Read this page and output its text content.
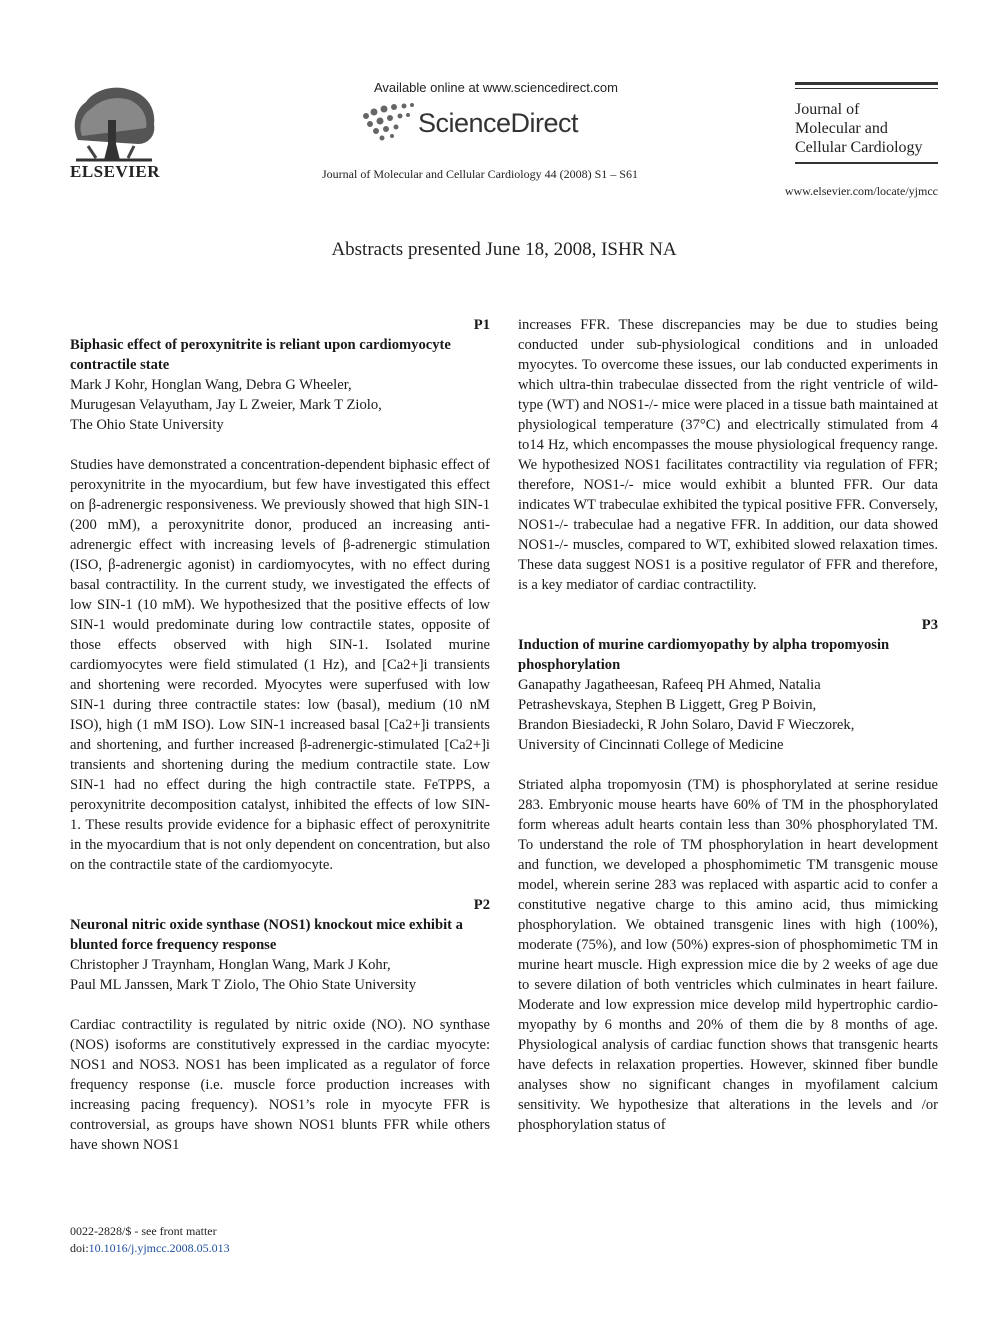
ELSEVIER
Available online at www.sciencedirect.com
ScienceDirect
Journal of Molecular and Cellular Cardiology 44 (2008) S1 – S61
Journal of
Molecular and
Cellular Cardiology
www.elsevier.com/locate/yjmcc
Abstracts presented June 18, 2008, ISHR NA
P1
Biphasic effect of peroxynitrite is reliant upon cardiomyocyte contractile state
Mark J Kohr, Honglan Wang, Debra G Wheeler,
Murugesan Velayutham, Jay L Zweier, Mark T Ziolo,
The Ohio State University
Studies have demonstrated a concentration-dependent biphasic effect of peroxynitrite in the myocardium, but few have investigated this effect on β-adrenergic responsiveness. We previously showed that high SIN-1 (200 mM), a peroxynitrite donor, produced an increasing anti-adrenergic effect with increasing levels of β-adrenergic stimulation (ISO, β-adrenergic agonist) in cardiomyocytes, with no effect during basal contractility. In the current study, we investigated the effects of low SIN-1 (10 mM). We hypothesized that the positive effects of low SIN-1 would predominate during low contractile states, opposite of those effects observed with high SIN-1. Isolated murine cardiomyocytes were field stimulated (1 Hz), and [Ca2+]i transients and shortening were recorded. Myocytes were superfused with low SIN-1 during three contractile states: low (basal), medium (10 nM ISO), high (1 mM ISO). Low SIN-1 increased basal [Ca2+]i transients and shortening, and further increased β-adrenergic-stimulated [Ca2+]i transients and shortening during the medium contractile state. Low SIN-1 had no effect during the high contractile state. FeTPPS, a peroxynitrite decomposition catalyst, inhibited the effects of low SIN-1. These results provide evidence for a biphasic effect of peroxynitrite in the myocardium that is not only dependent on concentration, but also on the contractile state of the cardiomyocyte.
P2
Neuronal nitric oxide synthase (NOS1) knockout mice exhibit a blunted force frequency response
Christopher J Traynham, Honglan Wang, Mark J Kohr,
Paul ML Janssen, Mark T Ziolo, The Ohio State University
Cardiac contractility is regulated by nitric oxide (NO). NO synthase (NOS) isoforms are constitutively expressed in the cardiac myocyte: NOS1 and NOS3. NOS1 has been implicated as a regulator of force frequency response (i.e. muscle force production increases with increasing pacing frequency). NOS1’s role in myocyte FFR is controversial, as groups have shown NOS1 blunts FFR while others have shown NOS1
increases FFR. These discrepancies may be due to studies being conducted under sub-physiological conditions and in unloaded myocytes. To overcome these issues, our lab conducted experiments in which ultra-thin trabeculae dissected from the right ventricle of wild-type (WT) and NOS1-/- mice were placed in a tissue bath maintained at physiological temperature (37°C) and electrically stimulated from 4 to14 Hz, which encompasses the mouse physiological frequency range. We hypothesized NOS1 facilitates contractility via regulation of FFR; therefore, NOS1-/- mice would exhibit a blunted FFR. Our data indicates WT trabeculae exhibited the typical positive FFR. Conversely, NOS1-/- trabeculae had a negative FFR. In addition, our data showed NOS1-/- muscles, compared to WT, exhibited slowed relaxation times. These data suggest NOS1 is a positive regulator of FFR and therefore, is a key mediator of cardiac contractility.
P3
Induction of murine cardiomyopathy by alpha tropomyosin phosphorylation
Ganapathy Jagatheesan, Rafeeq PH Ahmed, Natalia
Petrashevskaya, Stephen B Liggett, Greg P Boivin,
Brandon Biesiadecki, R John Solaro, David F Wieczorek,
University of Cincinnati College of Medicine
Striated alpha tropomyosin (TM) is phosphorylated at serine residue 283. Embryonic mouse hearts have 60% of TM in the phosphorylated form whereas adult hearts contain less than 30% phosphorylated TM. To understand the role of TM phosphorylation in heart development and function, we developed a phosphomimetic TM transgenic mouse model, wherein serine 283 was replaced with aspartic acid to confer a constitutive negative charge to this amino acid, thus mimicking phosphorylation. We obtained transgenic lines with high (100%), moderate (75%), and low (50%) expres-sion of phosphomimetic TM in murine heart muscle. High expression mice die by 2 weeks of age due to severe dilation of both ventricles which culminates in heart failure. Moderate and low expression mice develop mild hypertrophic cardio-myopathy by 6 months and 20% of them die by 8 months of age. Physiological analysis of cardiac function shows that transgenic hearts have defects in relaxation properties. However, skinned fiber bundle analyses show no significant changes in myofilament calcium sensitivity. We hypothesize that alterations in the levels and /or phosphorylation status of
0022-2828/$ - see front matter
doi:10.1016/j.yjmcc.2008.05.013
